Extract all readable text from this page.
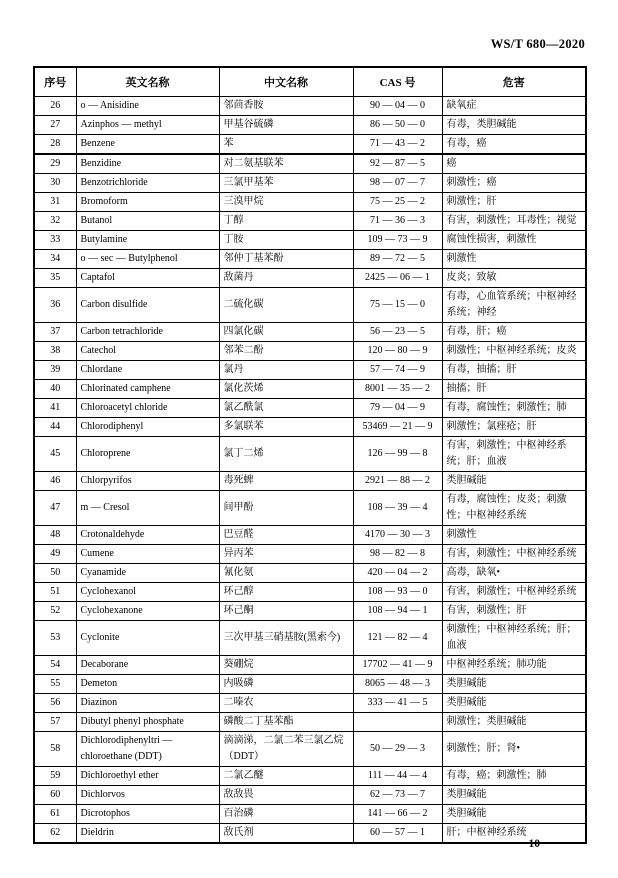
WS/T 680—2020
序号	英文名称	中文名称	CAS 号	危害
26	o — Anisidine	邻茴香胺	90 — 04 — 0	缺氧症
27	Azinphos — methyl	甲基谷硫磷	86 — 50 — 0	有毒，类胆碱能
28	Benzene	苯	71 — 43 — 2	有毒，癌
29	Benzidine	对二氨基联苯	92 — 87 — 5	癌
30	Benzotrichloride	三氯甲基苯	98 — 07 — 7	刺激性；癌
31	Bromoform	三溴甲烷	75 — 25 — 2	刺激性；肝
32	Butanol	丁醇	71 — 36 — 3	有害，刺激性；耳毒性；视觉
33	Butylamine	丁胺	109 — 73 — 9	腐蚀性损害，刺激性
34	o — sec — Butylphenol	邻仲丁基苯酚	89 — 72 — 5	刺激性
35	Captafol	敌菌丹	2425 — 06 — 1	皮炎；致敏
36	Carbon disulfide	二硫化碳	75 — 15 — 0	有毒，心血管系统；中枢神经系统；神经
37	Carbon tetrachloride	四氯化碳	56 — 23 — 5	有毒，肝；癌
38	Catechol	邻苯二酚	120 — 80 — 9	刺激性；中枢神经系统；皮炎
39	Chlordane	氯丹	57 — 74 — 9	有毒，抽搐；肝
40	Chlorinated camphene	氯化茨烯	8001 — 35 — 2	抽搐；肝
41	Chloroacetyl chloride	氯乙酰氯	79 — 04 — 9	有毒，腐蚀性；刺激性；肺
44	Chlorodiphenyl	多氯联苯	53469 — 21 — 9	刺激性；氯痤疮；肝
45	Chloroprene	氯丁二烯	126 — 99 — 8	有害，刺激性；中枢神经系统；肝；血液
46	Chlorpyrifos	毒死蜱	2921 — 88 — 2	类胆碱能
47	m — Cresol	间甲酚	108 — 39 — 4	有毒，腐蚀性；皮炎；刺激性；中枢神经系统
48	Crotonaldehyde	巴豆醛	4170 — 30 — 3	刺激性
49	Cumene	异丙苯	98 — 82 — 8	有害，刺激性；中枢神经系统
50	Cyanamide	氰化氨	420 — 04 — 2	高毒，缺氧•
51	Cyclohexanol	环己醇	108 — 93 — 0	有害，刺激性；中枢神经系统
52	Cyclohexanone	环己酮	108 — 94 — 1	有害，刺激性；肝
53	Cyclonite	三次甲基三硝基胺(黑索今)	121 — 82 — 4	刺激性；中枢神经系统；肝；血液
54	Decaborane	葵硼烷	17702 — 41 — 9	中枢神经系统；肺功能
55	Demeton	内吸磷	8065 — 48 — 3	类胆碱能
56	Diazinon	二嗪农	333 — 41 — 5	类胆碱能
57	Dibutyl phenyl phosphate	磷酸二丁基苯酯		刺激性；类胆碱能
58	Dichlorodiphenyltri — chloroethane (DDT)	滴滴涕，二氯二苯三氯乙烷（DDT）	50 — 29 — 3	刺激性；肝；肾•
59	Dichloroethyl ether	二氯乙醚	111 — 44 — 4	有毒，癌；刺激性；肺
60	Dichlorvos	敌敌畏	62 — 73 — 7	类胆碱能
61	Dicrotophos	百治磷	141 — 66 — 2	类胆碱能
62	Dieldrin	敌氏剂	60 — 57 — 1	肝；中枢神经系统
10
